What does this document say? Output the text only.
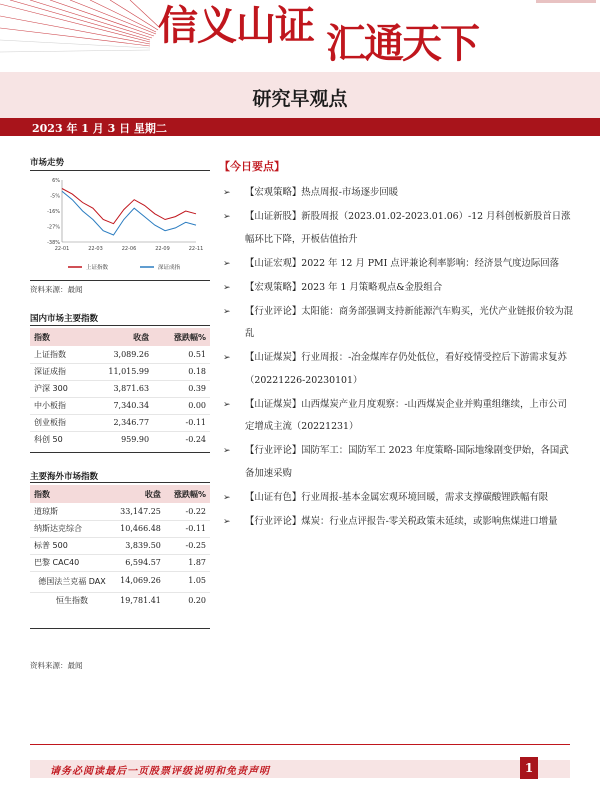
信义山证 汇通天下
研究早观点
2023 年 1 月 3 日 星期二
市场走势
6%
-5%
-16%
-27%
-38%
22-01	22-03	22-06	22-09	22-11
上证指数	深证成指
资料来源：最闻
国内市场主要指数
指数	收盘	涨跌幅%
上证指数	3,089.26	0.51
深证成指	11,015.99	0.18
沪深 300	3,871.63	0.39
中小板指	7,340.34	0.00
创业板指	2,346.77	-0.11
科创 50	959.90	-0.24
主要海外市场指数
指数	收盘	涨跌幅%
道琼斯	33,147.25	-0.22
纳斯达克综合	10,466.48	-0.11
标普 500	3,839.50	-0.25
巴黎 CAC40	6,594.57	1.87
德国法兰克福 DAX	14,069.26	1.05
恒生指数	19,781.41	0.20
资料来源：最闻
【今日要点】
➢ 【宏观策略】热点周报-市场逐步回暖
➢ 【山证新股】新股周报（2023.01.02-2023.01.06）-12 月科创板新股首日涨幅环比下降，开板估值抬升
➢ 【山证宏观】2022 年 12 月 PMI 点评兼论利率影响：经济景气度边际回落
➢ 【宏观策略】2023 年 1 月策略观点&金股组合
➢ 【行业评论】太阳能：商务部强调支持新能源汽车购买，光伏产业链报价较为混乱
➢ 【山证煤炭】行业周报：-冶金煤库存仍处低位，看好疫情受控后下游需求复苏（20221226-20230101）
➢ 【山证煤炭】山西煤炭产业月度观察：-山西煤炭企业并购重组继续，上市公司定增成主流（20221231）
➢ 【行业评论】国防军工：国防军工 2023 年度策略-国际地缘剧变伊始，各国武备加速采购
➢ 【山证有色】行业周报-基本金属宏观环境回暖，需求支撑碳酸锂跌幅有限
➢ 【行业评论】煤炭：行业点评报告-零关税政策未延续，或影响焦煤进口增量
请务必阅读最后一页股票评级说明和免责声明	1
